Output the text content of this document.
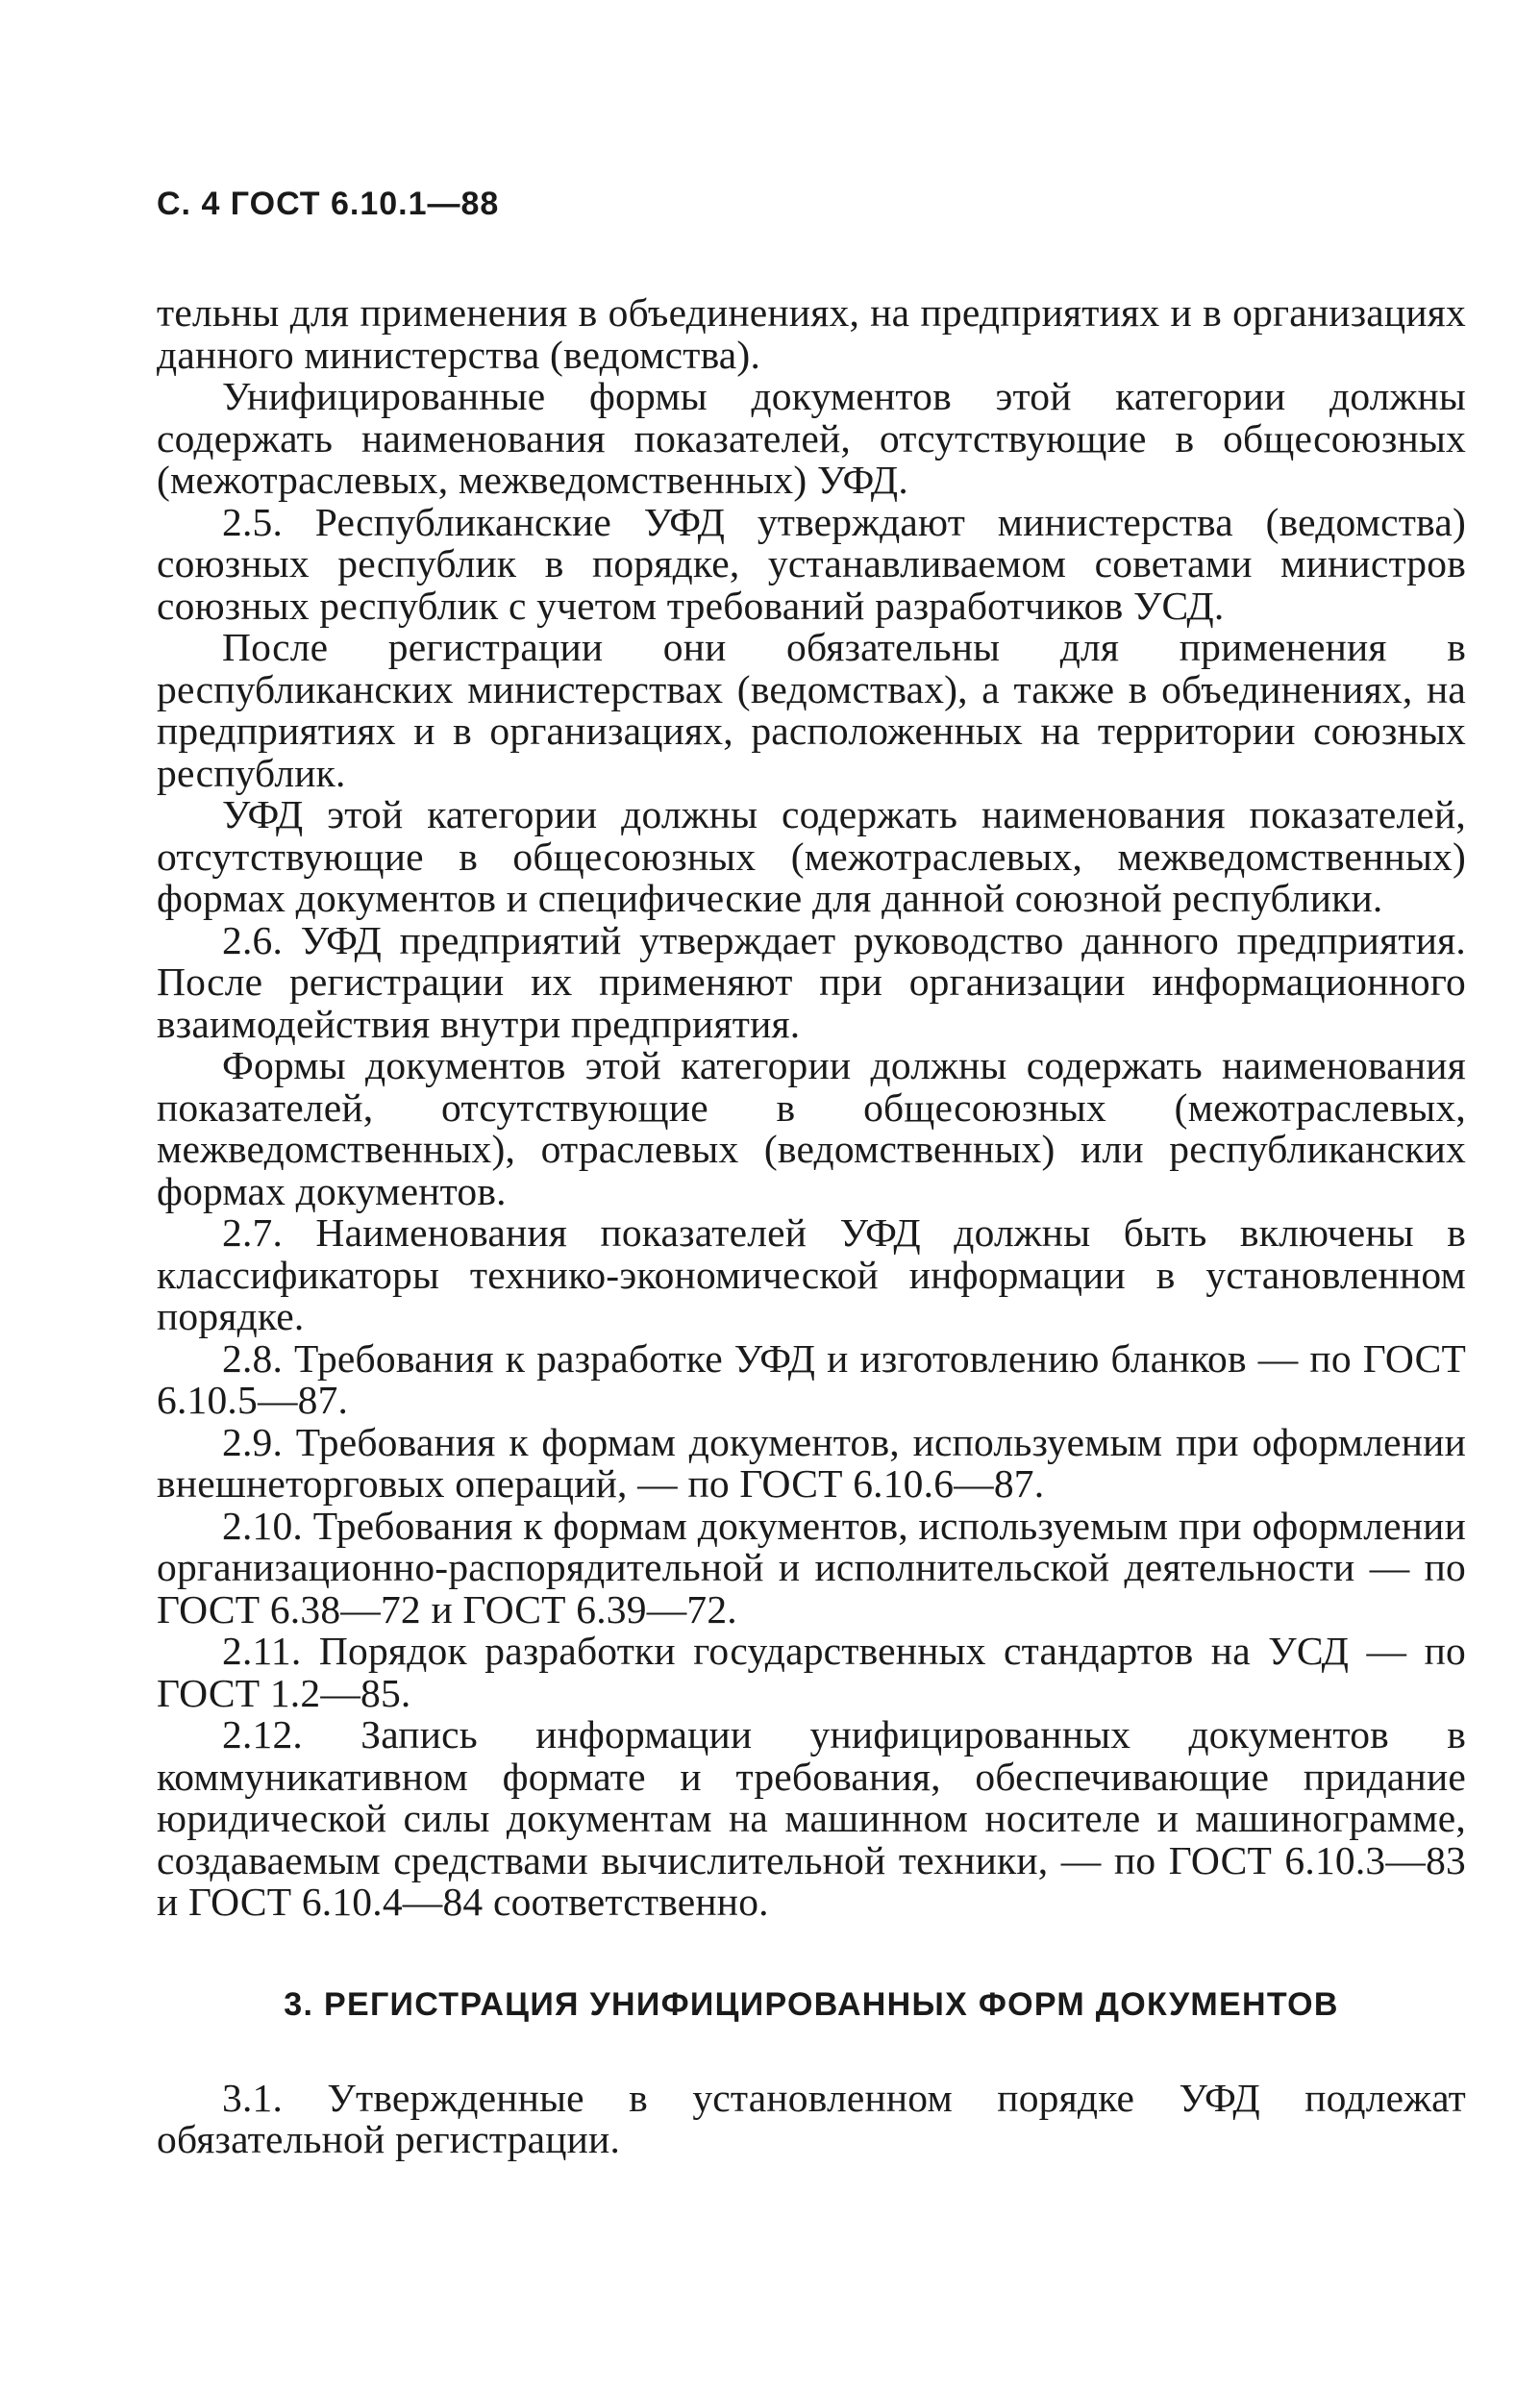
С. 4 ГОСТ 6.10.1—88

тельны для применения в объединениях, на предприятиях и в организациях данного министерства (ведомства).

Унифицированные формы документов этой категории должны содержать наименования показателей, отсутствующие в общесоюзных (межотраслевых, межведомственных) УФД.

2.5. Республиканские УФД утверждают министерства (ведомства) союзных республик в порядке, устанавливаемом советами министров союзных республик с учетом требований разработчиков УСД.

После регистрации они обязательны для применения в республиканских министерствах (ведомствах), а также в объединениях, на предприятиях и в организациях, расположенных на территории союзных республик.

УФД этой категории должны содержать наименования показателей, отсутствующие в общесоюзных (межотраслевых, межведомственных) формах документов и специфические для данной союзной республики.

2.6. УФД предприятий утверждает руководство данного предприятия. После регистрации их применяют при организации информационного взаимодействия внутри предприятия.

Формы документов этой категории должны содержать наименования показателей, отсутствующие в общесоюзных (межотраслевых, межведомственных), отраслевых (ведомственных) или республиканских формах документов.

2.7. Наименования показателей УФД должны быть включены в классификаторы технико-экономической информации в установленном порядке.

2.8. Требования к разработке УФД и изготовлению бланков — по ГОСТ 6.10.5—87.

2.9. Требования к формам документов, используемым при оформлении внешнеторговых операций, — по ГОСТ 6.10.6—87.

2.10. Требования к формам документов, используемым при оформлении организационно-распорядительной и исполнительской деятельности — по ГОСТ 6.38—72 и ГОСТ 6.39—72.

2.11. Порядок разработки государственных стандартов на УСД — по ГОСТ 1.2—85.

2.12. Запись информации унифицированных документов в коммуникативном формате и требования, обеспечивающие придание юридической силы документам на машинном носителе и машинограмме, создаваемым средствами вычислительной техники, — по ГОСТ 6.10.3—83 и ГОСТ 6.10.4—84 соответственно.

3. РЕГИСТРАЦИЯ УНИФИЦИРОВАННЫХ ФОРМ ДОКУМЕНТОВ

3.1. Утвержденные в установленном порядке УФД подлежат обязательной регистрации.
